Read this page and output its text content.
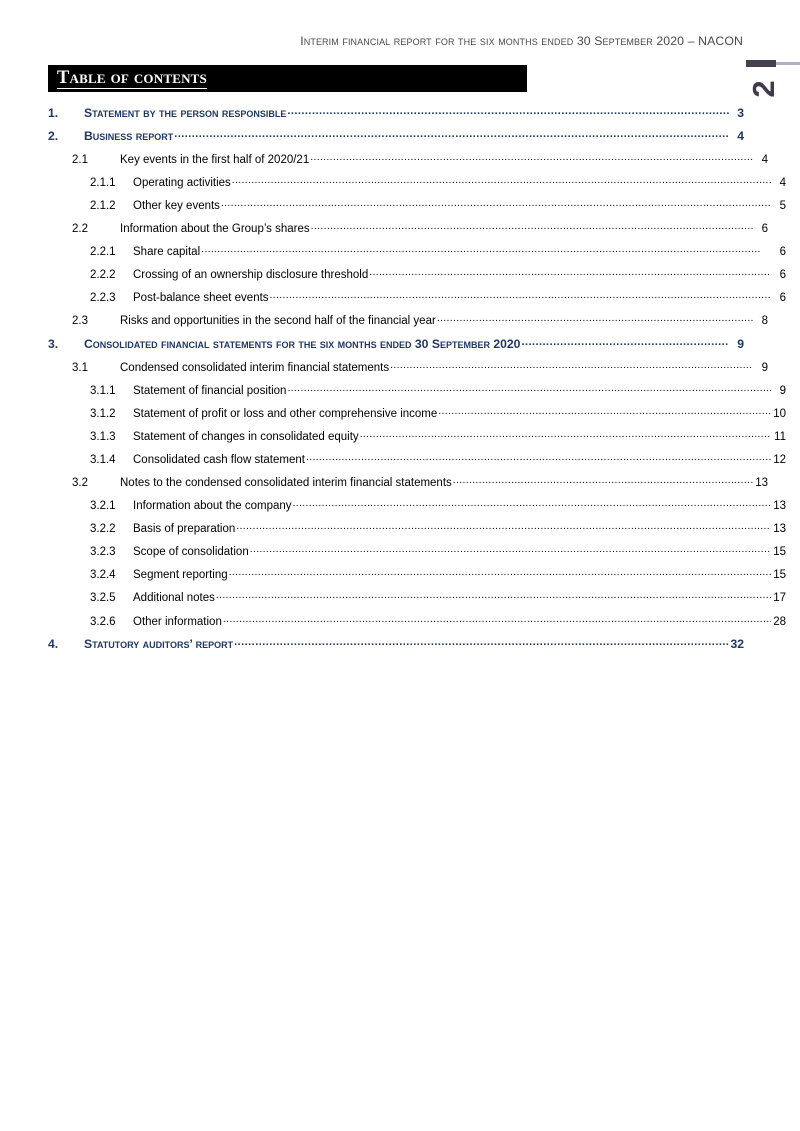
Interim financial report for the six months ended 30 September 2020 – NACON
2
Table of contents
1.	Statement by the person responsible . . .	3
2.	Business report . . .	4
2.1	Key events in the first half of 2020/21 . . .	4
2.1.1	Operating activities . . .	4
2.1.2	Other key events . . .	5
2.2	Information about the Group’s shares . . .	6
2.2.1	Share capital . . .	6
2.2.2	Crossing of an ownership disclosure threshold . . .	6
2.2.3	Post-balance sheet events . . .	6
2.3	Risks and opportunities in the second half of the financial year . . .	8
3.	Consolidated financial statements for the six months ended 30 September 2020 . . .	9
3.1	Condensed consolidated interim financial statements . . .	9
3.1.1	Statement of financial position . . .	9
3.1.2	Statement of profit or loss and other comprehensive income . . .	10
3.1.3	Statement of changes in consolidated equity . . .	11
3.1.4	Consolidated cash flow statement . . .	12
3.2	Notes to the condensed consolidated interim financial statements . . .	13
3.2.1	Information about the company . . .	13
3.2.2	Basis of preparation . . .	13
3.2.3	Scope of consolidation . . .	15
3.2.4	Segment reporting . . .	15
3.2.5	Additional notes . . .	17
3.2.6	Other information . . .	28
4.	Statutory auditors’ report . . .	32
